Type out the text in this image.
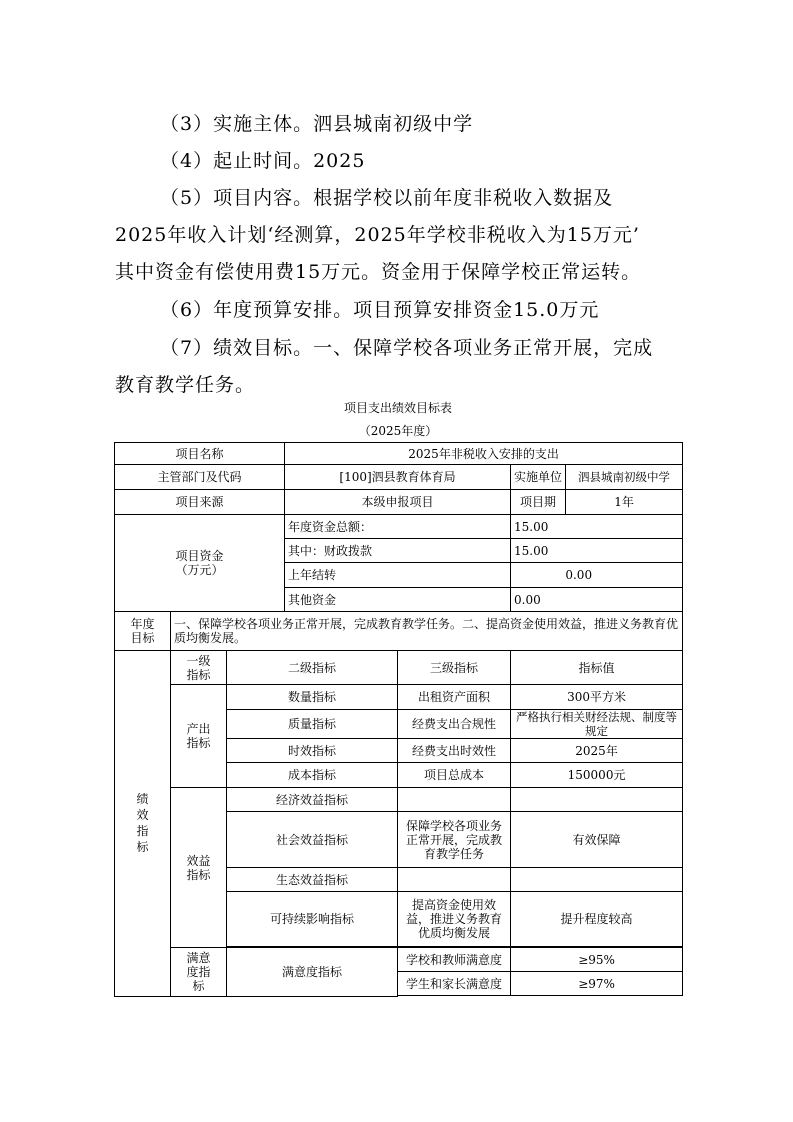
（3）实施主体。泗县城南初级中学
（4）起止时间。2025
（5）项目内容。根据学校以前年度非税收入数据及
2025年收入计划‘经测算，2025年学校非税收入为15万元’
其中资金有偿使用费15万元。资金用于保障学校正常运转。
（6）年度预算安排。项目预算安排资金15.0万元
（7）绩效目标。一、保障学校各项业务正常开展，完成
教育教学任务。
项目支出绩效目标表
（2025年度）
项目名称			2025年非税收入安排的支出			
主管部门及代码			[100]泗县教育体育局		实施单位	泗县城南初级中学
项目来源			本级申报项目		项目期	1年

项目资金
（万元）			年度资金总额：		15.00	
			其中：财政拨款		15.00	
			上年结转		0.00	
			其他资金		0.00	

年度
目标	一、保障学校各项业务正常开展，完成教育教学任务。二、提高资金使用效益，推进义务教育优质均衡发展。					
绩效指标	一级指标	二级指标		三级指标	指标值	
	产出指标	数量指标		出租资产面积	300平方米	
		质量指标		经费支出合规性	严格执行相关财经法规、制度等规定	
		时效指标		经费支出时效性	2025年	
		成本指标		项目总成本	150000元	
	效益指标	经济效益指标				
		社会效益指标		保障学校各项业务正常开展，完成教育教学任务	有效保障	
		生态效益指标				
		可持续影响指标		提高资金使用效益，推进义务教育优质均衡发展	提升程度较高	

	满意度指标	满意度指标		学校和教师满意度	≥95%	
				学生和家长满意度	≥97%	
